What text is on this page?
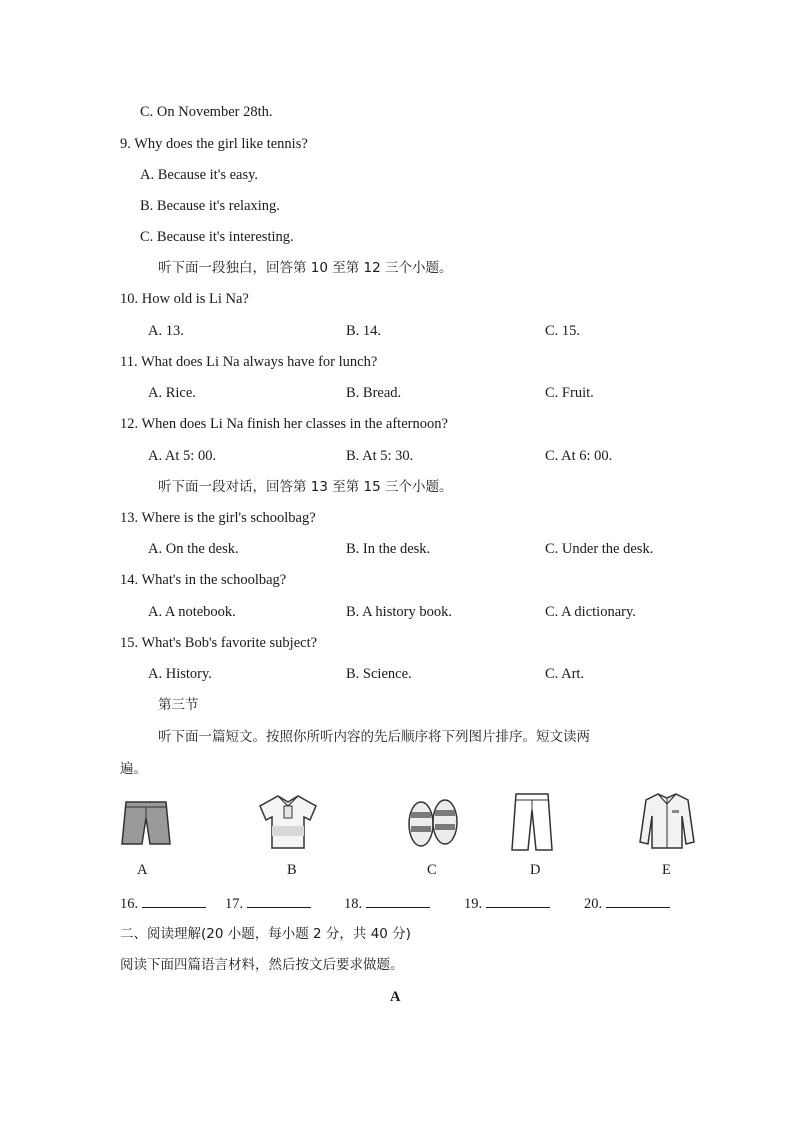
C. On November 28th.
9. Why does the girl like tennis?
A. Because it's easy.
B. Because it's relaxing.
C. Because it's interesting.
听下面一段独白，回答第 10 至第 12 三个小题。
10. How old is Li Na?
A. 13.	B. 14.	C. 15.
11. What does Li Na always have for lunch?
A. Rice.	B. Bread.	C. Fruit.
12. When does Li Na finish her classes in the afternoon?
A. At 5: 00.	B. At 5: 30.	C. At 6: 00.
听下面一段对话，回答第 13 至第 15 三个小题。
13. Where is the girl's schoolbag?
A. On the desk.	B. In the desk.	C. Under the desk.
14. What's in the schoolbag?
A. A notebook.	B. A history book.	C. A dictionary.
15. What's Bob's favorite subject?
A. History.	B. Science.	C. Art.
第三节
听下面一篇短文。按照你所听内容的先后顺序将下列图片排序。短文读两
遍。
A	B	C	D	E
16.	17.	18.	19.	20.
二、阅读理解(20 小题，每小题 2 分，共 40 分)
阅读下面四篇语言材料，然后按文后要求做题。
A
